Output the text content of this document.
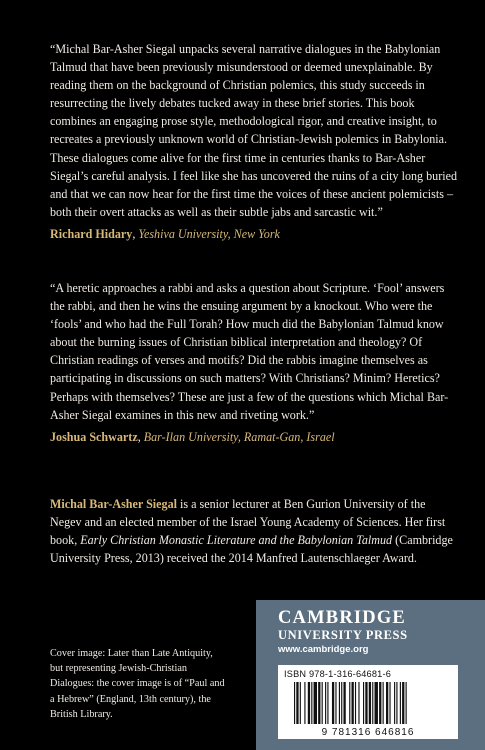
“Michal Bar-Asher Siegal unpacks several narrative dialogues in the Babylonian Talmud that have been previously misunderstood or deemed unexplainable. By reading them on the background of Christian polemics, this study succeeds in resurrecting the lively debates tucked away in these brief stories. This book combines an engaging prose style, methodological rigor, and creative insight, to recreates a previously unknown world of Christian-Jewish polemics in Babylonia. These dialogues come alive for the first time in centuries thanks to Bar-Asher Siegal’s careful analysis. I feel like she has uncovered the ruins of a city long buried and that we can now hear for the first time the voices of these ancient polemicists – both their overt attacks as well as their subtle jabs and sarcastic wit.”

Richard Hidary, Yeshiva University, New York

“A heretic approaches a rabbi and asks a question about Scripture. ‘Fool’ answers the rabbi, and then he wins the ensuing argument by a knockout. Who were the ‘fools’ and who had the Full Torah? How much did the Babylonian Talmud know about the burning issues of Christian biblical interpretation and theology? Of Christian readings of verses and motifs? Did the rabbis imagine themselves as participating in discussions on such matters? With Christians? Minim? Heretics? Perhaps with themselves? These are just a few of the questions which Michal Bar-Asher Siegal examines in this new and riveting work.”

Joshua Schwartz, Bar-Ilan University, Ramat-Gan, Israel

Michal Bar-Asher Siegal is a senior lecturer at Ben Gurion University of the Negev and an elected member of the Israel Young Academy of Sciences. Her first book, Early Christian Monastic Literature and the Babylonian Talmud (Cambridge University Press, 2013) received the 2014 Manfred Lautenschlaeger Award.

Cover image: Later than Late Antiquity, but representing Jewish-Christian Dialogues: the cover image is of “Paul and a Hebrew” (England, 13th century), the British Library.

CAMBRIDGE

UNIVERSITY PRESS

www.cambridge.org

ISBN 978-1-316-64681-6

9 781316 646816
